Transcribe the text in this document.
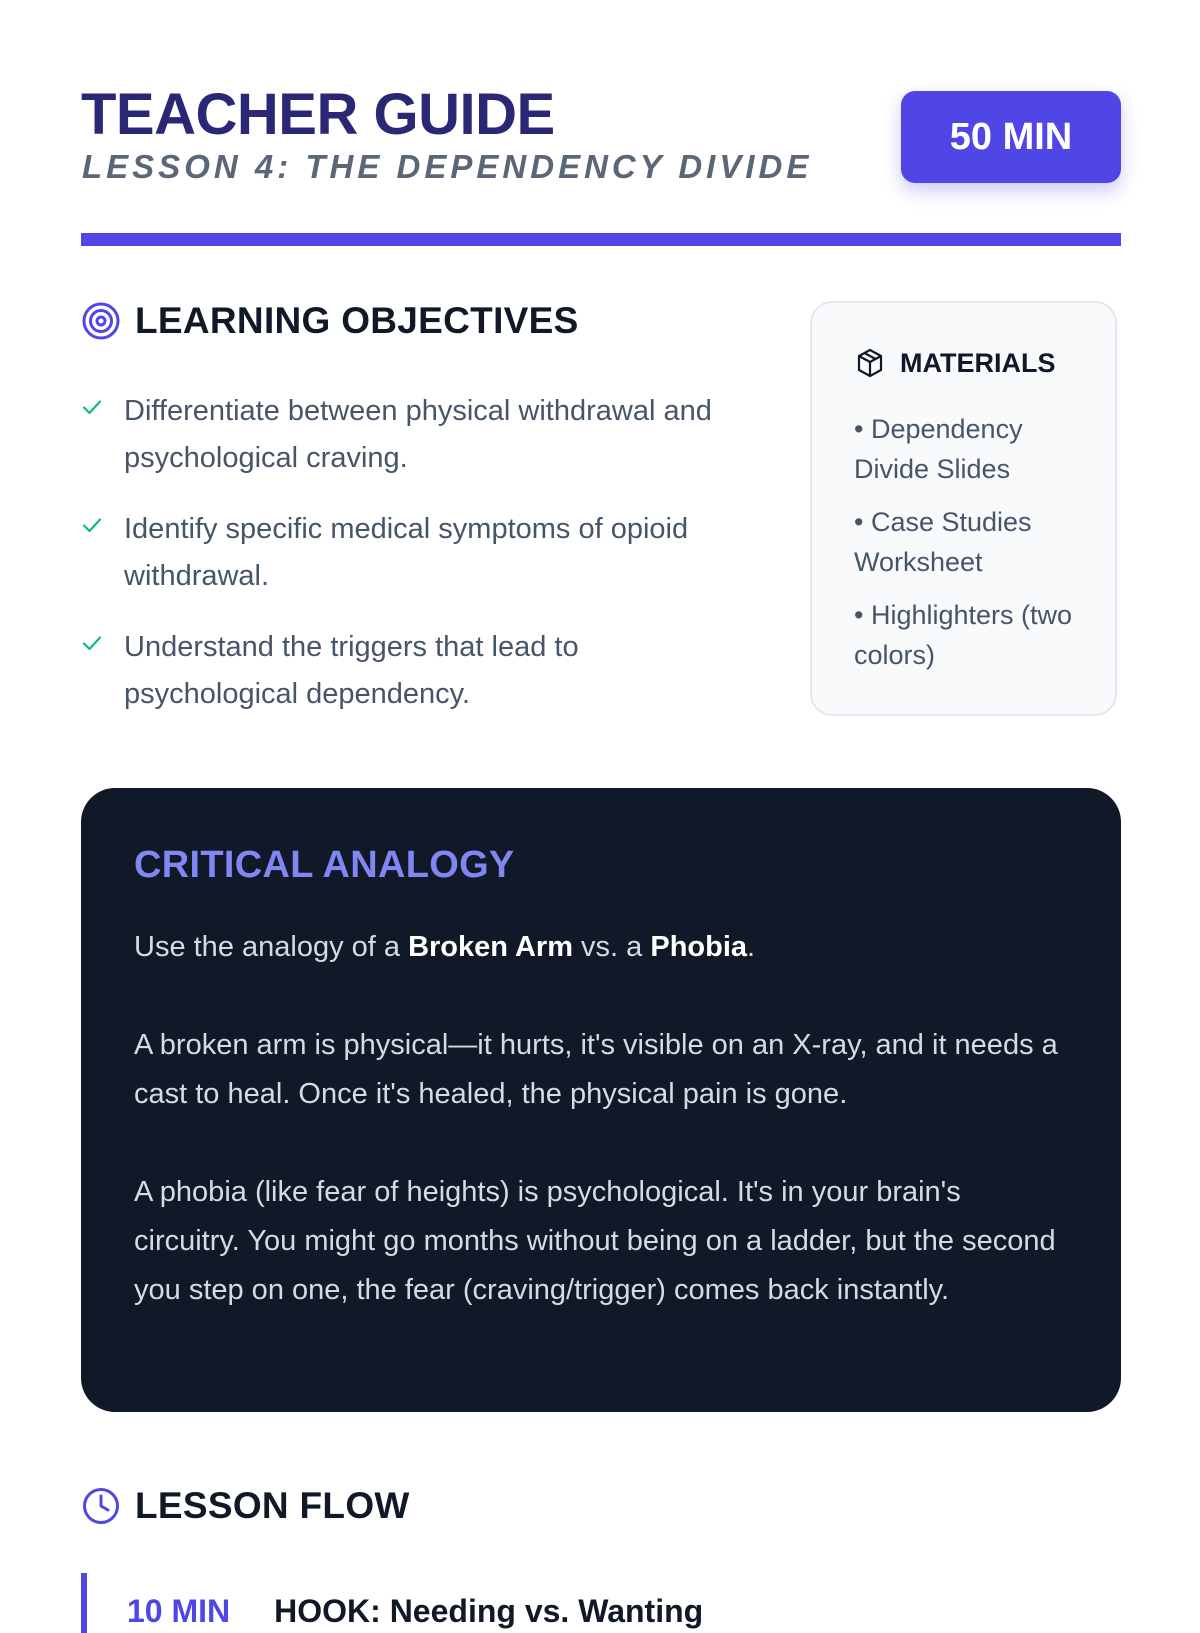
TEACHER GUIDE
LESSON 4: THE DEPENDENCY DIVIDE
50 MIN
LEARNING OBJECTIVES
Differentiate between physical withdrawal and psychological craving.
Identify specific medical symptoms of opioid withdrawal.
Understand the triggers that lead to psychological dependency.
MATERIALS
• Dependency Divide Slides
• Case Studies Worksheet
• Highlighters (two colors)
CRITICAL ANALOGY

Use the analogy of a Broken Arm vs. a Phobia.

A broken arm is physical—it hurts, it's visible on an X-ray, and it needs a cast to heal. Once it's healed, the physical pain is gone.

A phobia (like fear of heights) is psychological. It's in your brain's circuitry. You might go months without being on a ladder, but the second you step on one, the fear (craving/trigger) comes back instantly.

LESSON FLOW
10 MIN HOOK: Needing vs. Wanting
